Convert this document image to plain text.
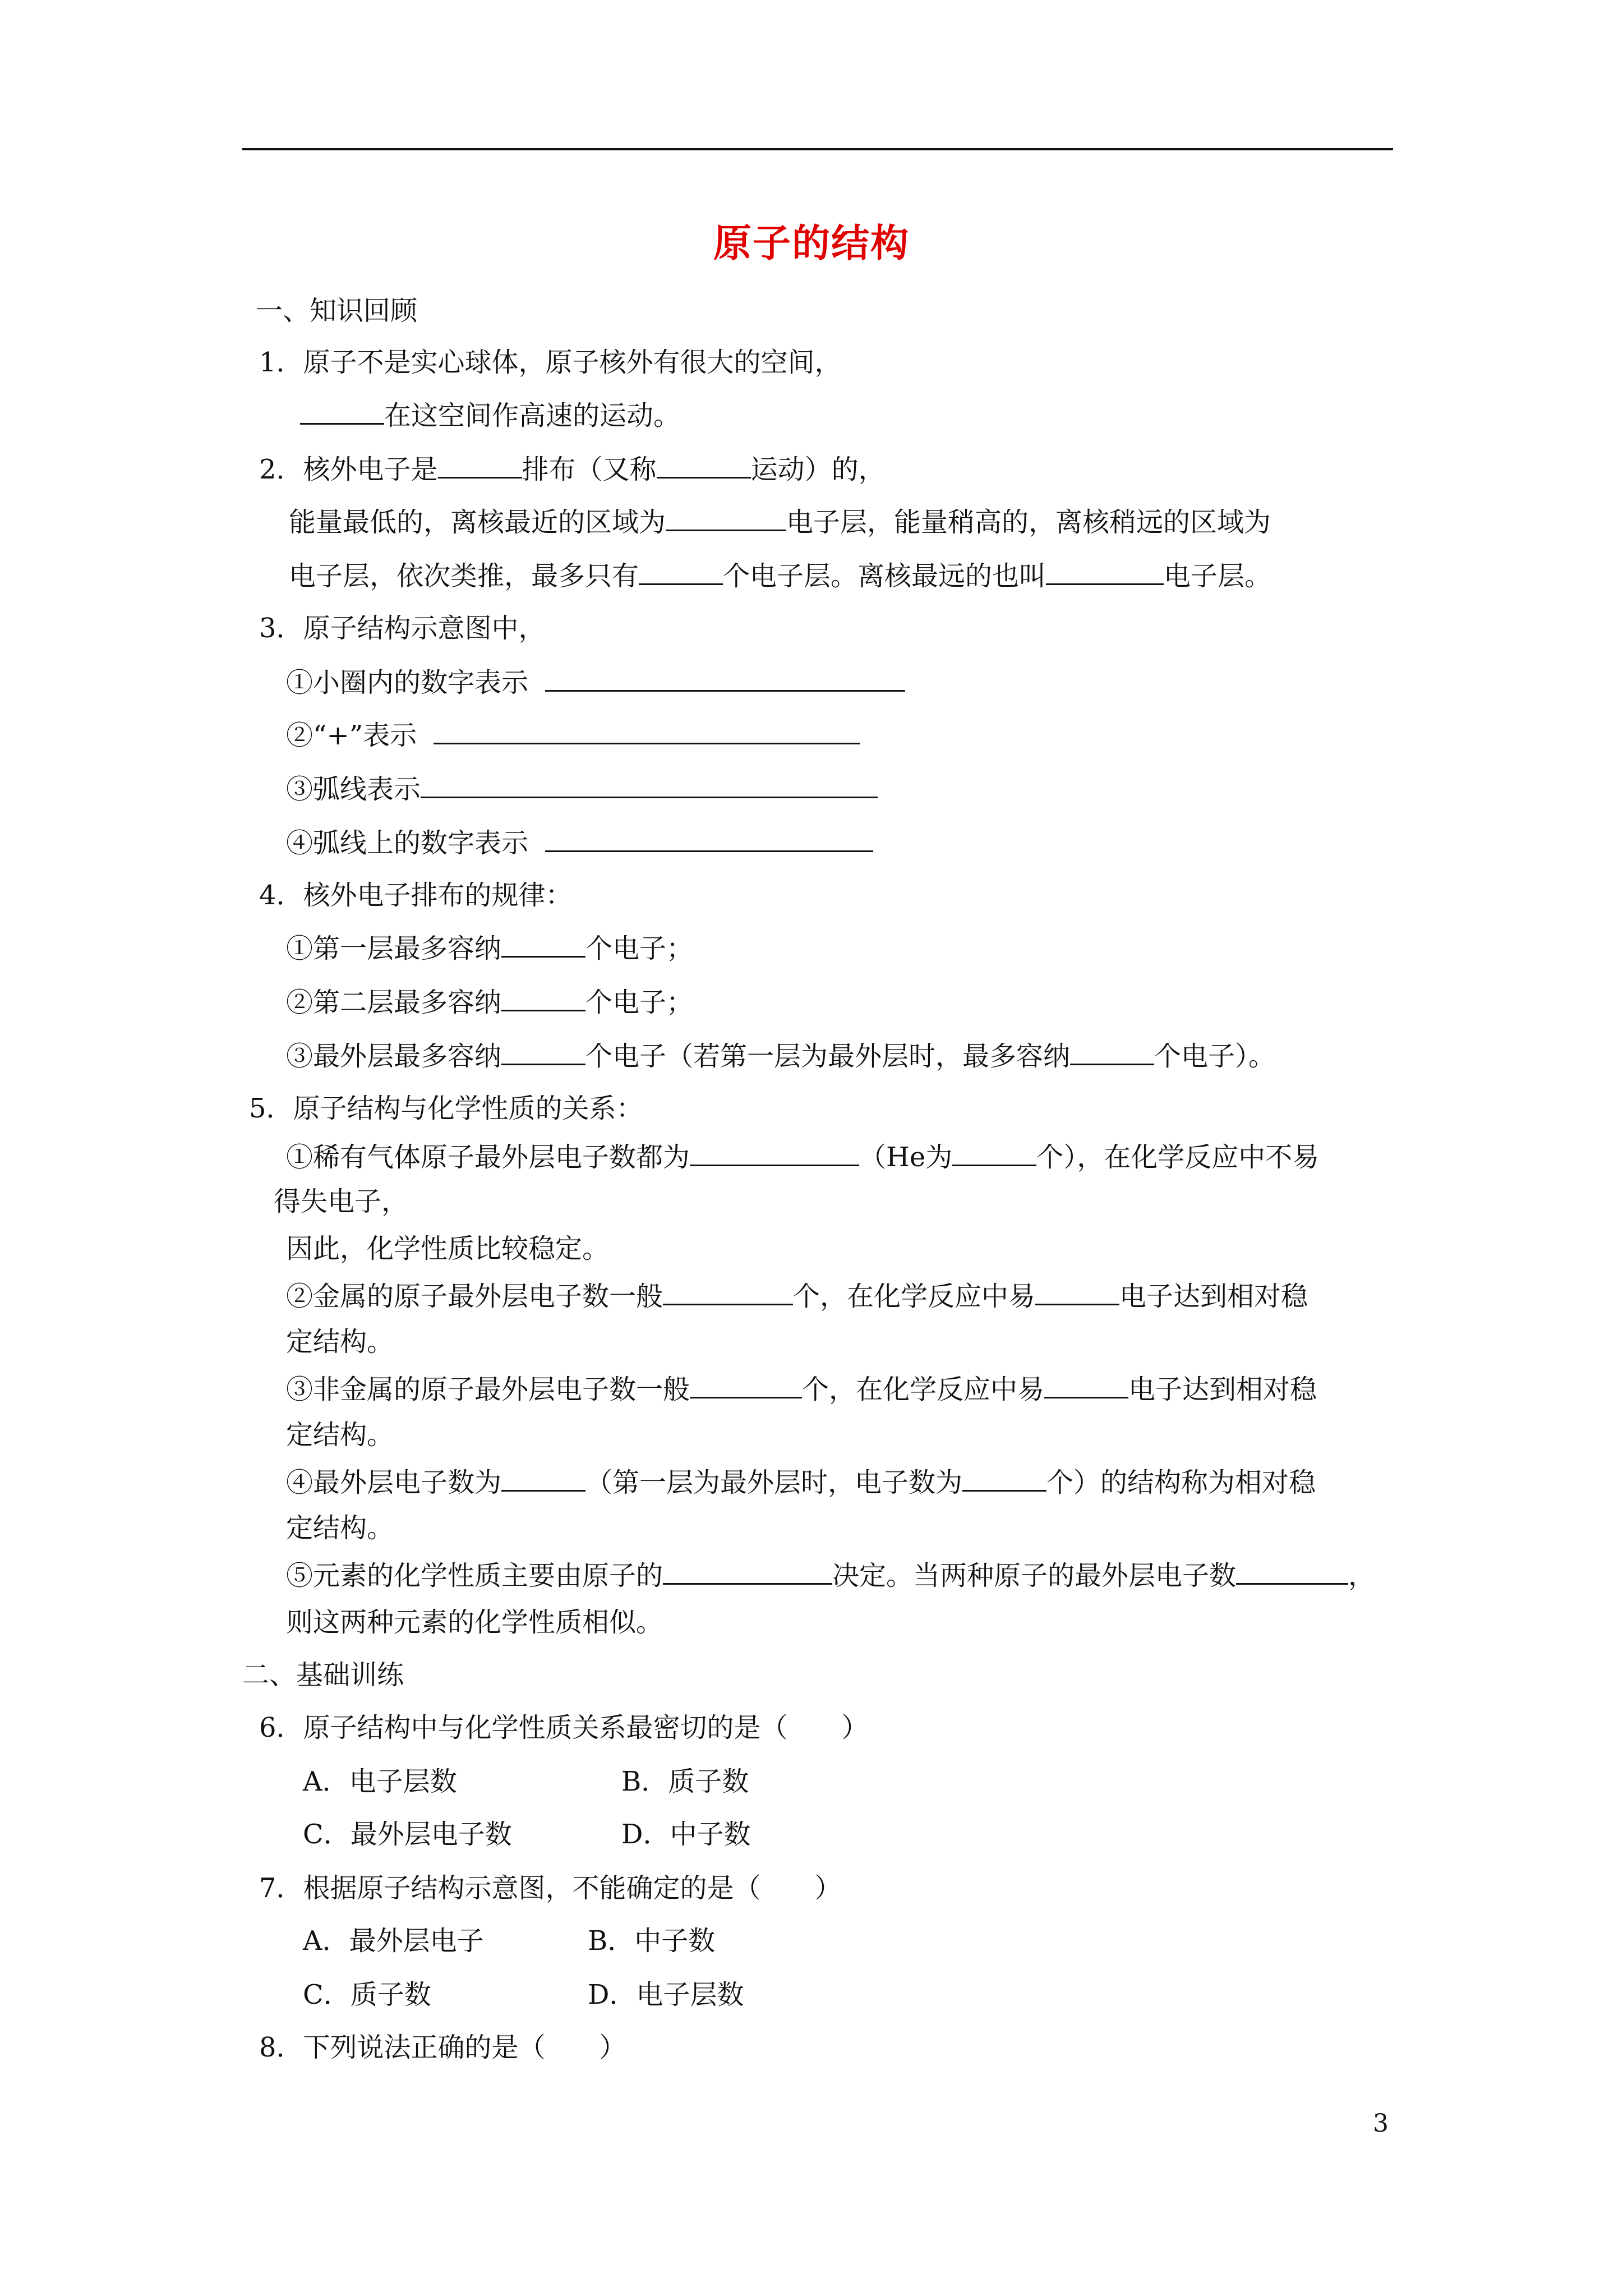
原子的结构
一、知识回顾
1．原子不是实心球体，原子核外有很大的空间，
在这空间作高速的运动。
2．核外电子是	排布（又称	运动）的，
能量最低的，离核最近的区域为	电子层，能量稍高的，离核稍远的区域为
电子层，依次类推，最多只有	个电子层。离核最远的也叫	电子层。
3．原子结构示意图中，
①小圈内的数字表示
②“+”表示
③弧线表示
④弧线上的数字表示
4．核外电子排布的规律：
①第一层最多容纳	个电子；
②第二层最多容纳	个电子；
③最外层最多容纳	个电子（若第一层为最外层时，最多容纳	个电子）。
5．原子结构与化学性质的关系：
①稀有气体原子最外层电子数都为	（He为	个），在化学反应中不易
得失电子，
因此，化学性质比较稳定。
②金属的原子最外层电子数一般	个，在化学反应中易	电子达到相对稳
定结构。
③非金属的原子最外层电子数一般	个，在化学反应中易	电子达到相对稳
定结构。
④最外层电子数为	（第一层为最外层时，电子数为	个）的结构称为相对稳
定结构。
⑤元素的化学性质主要由原子的	决定。当两种原子的最外层电子数	，
则这两种元素的化学性质相似。
二、基础训练
6．原子结构中与化学性质关系最密切的是（　　）
A．电子层数	B．质子数
C．最外层电子数	D．中子数
7．根据原子结构示意图，不能确定的是（　　）
A．最外层电子	B．中子数
C．质子数	D．电子层数
8．下列说法正确的是（　　）
3
